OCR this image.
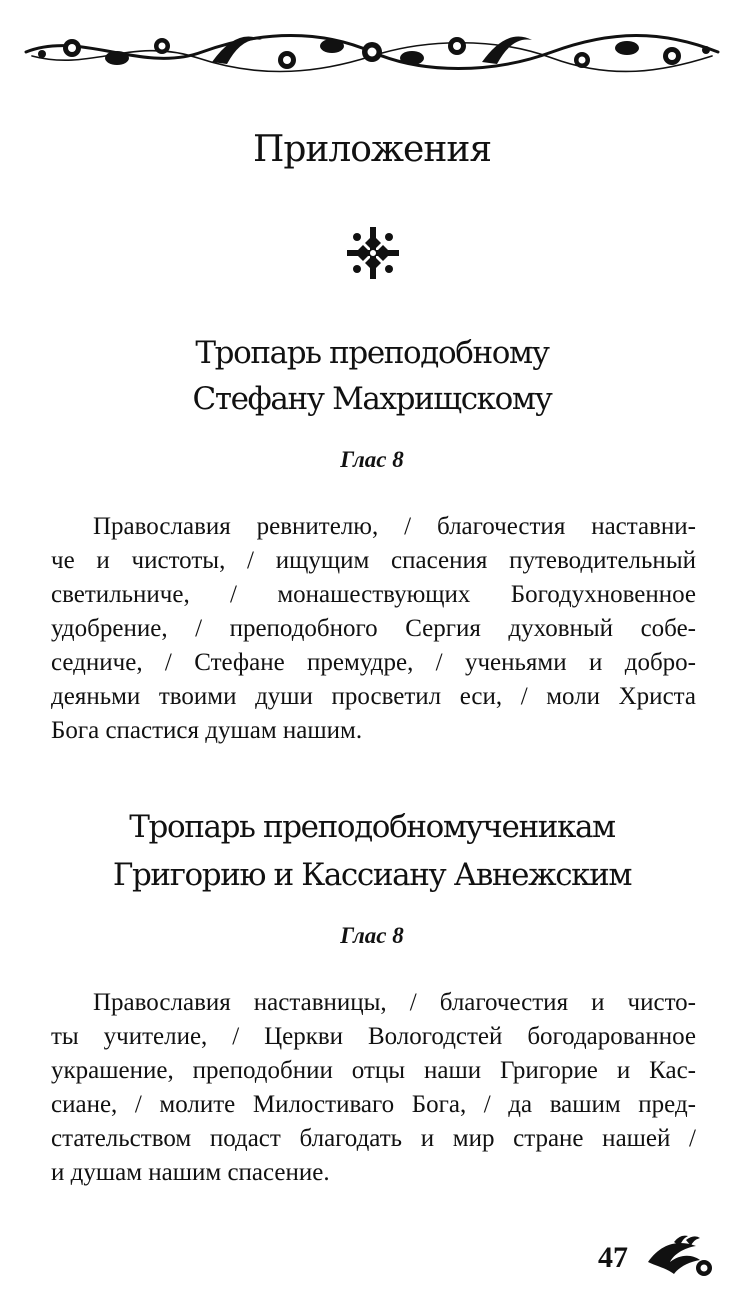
Приложения
Тропарь преподобному
Стефану Махрищскому
Глас 8
Православия ревнителю, / благочестия наставни-
че и чистоты, / ищущим спасения путеводительный
светильниче, / монашествующих Богодухновенное
удобрение, / преподобного Сергия духовный собе-
седниче, / Стефане премудре, / ученьями и добро-
деяньми твоими души просветил еси, / моли Христа
Бога спастися душам нашим.
Тропарь преподобномученикам
Григорию и Кассиану Авнежским
Глас 8
Православия наставницы, / благочестия и чисто-
ты учителие, / Церкви Вологодстей богодарованное
украшение, преподобнии отцы наши Григорие и Кас-
сиане, / молите Милостиваго Бога, / да вашим пред-
стательством подаст благодать и мир стране нашей /
и душам нашим спасение.
47
